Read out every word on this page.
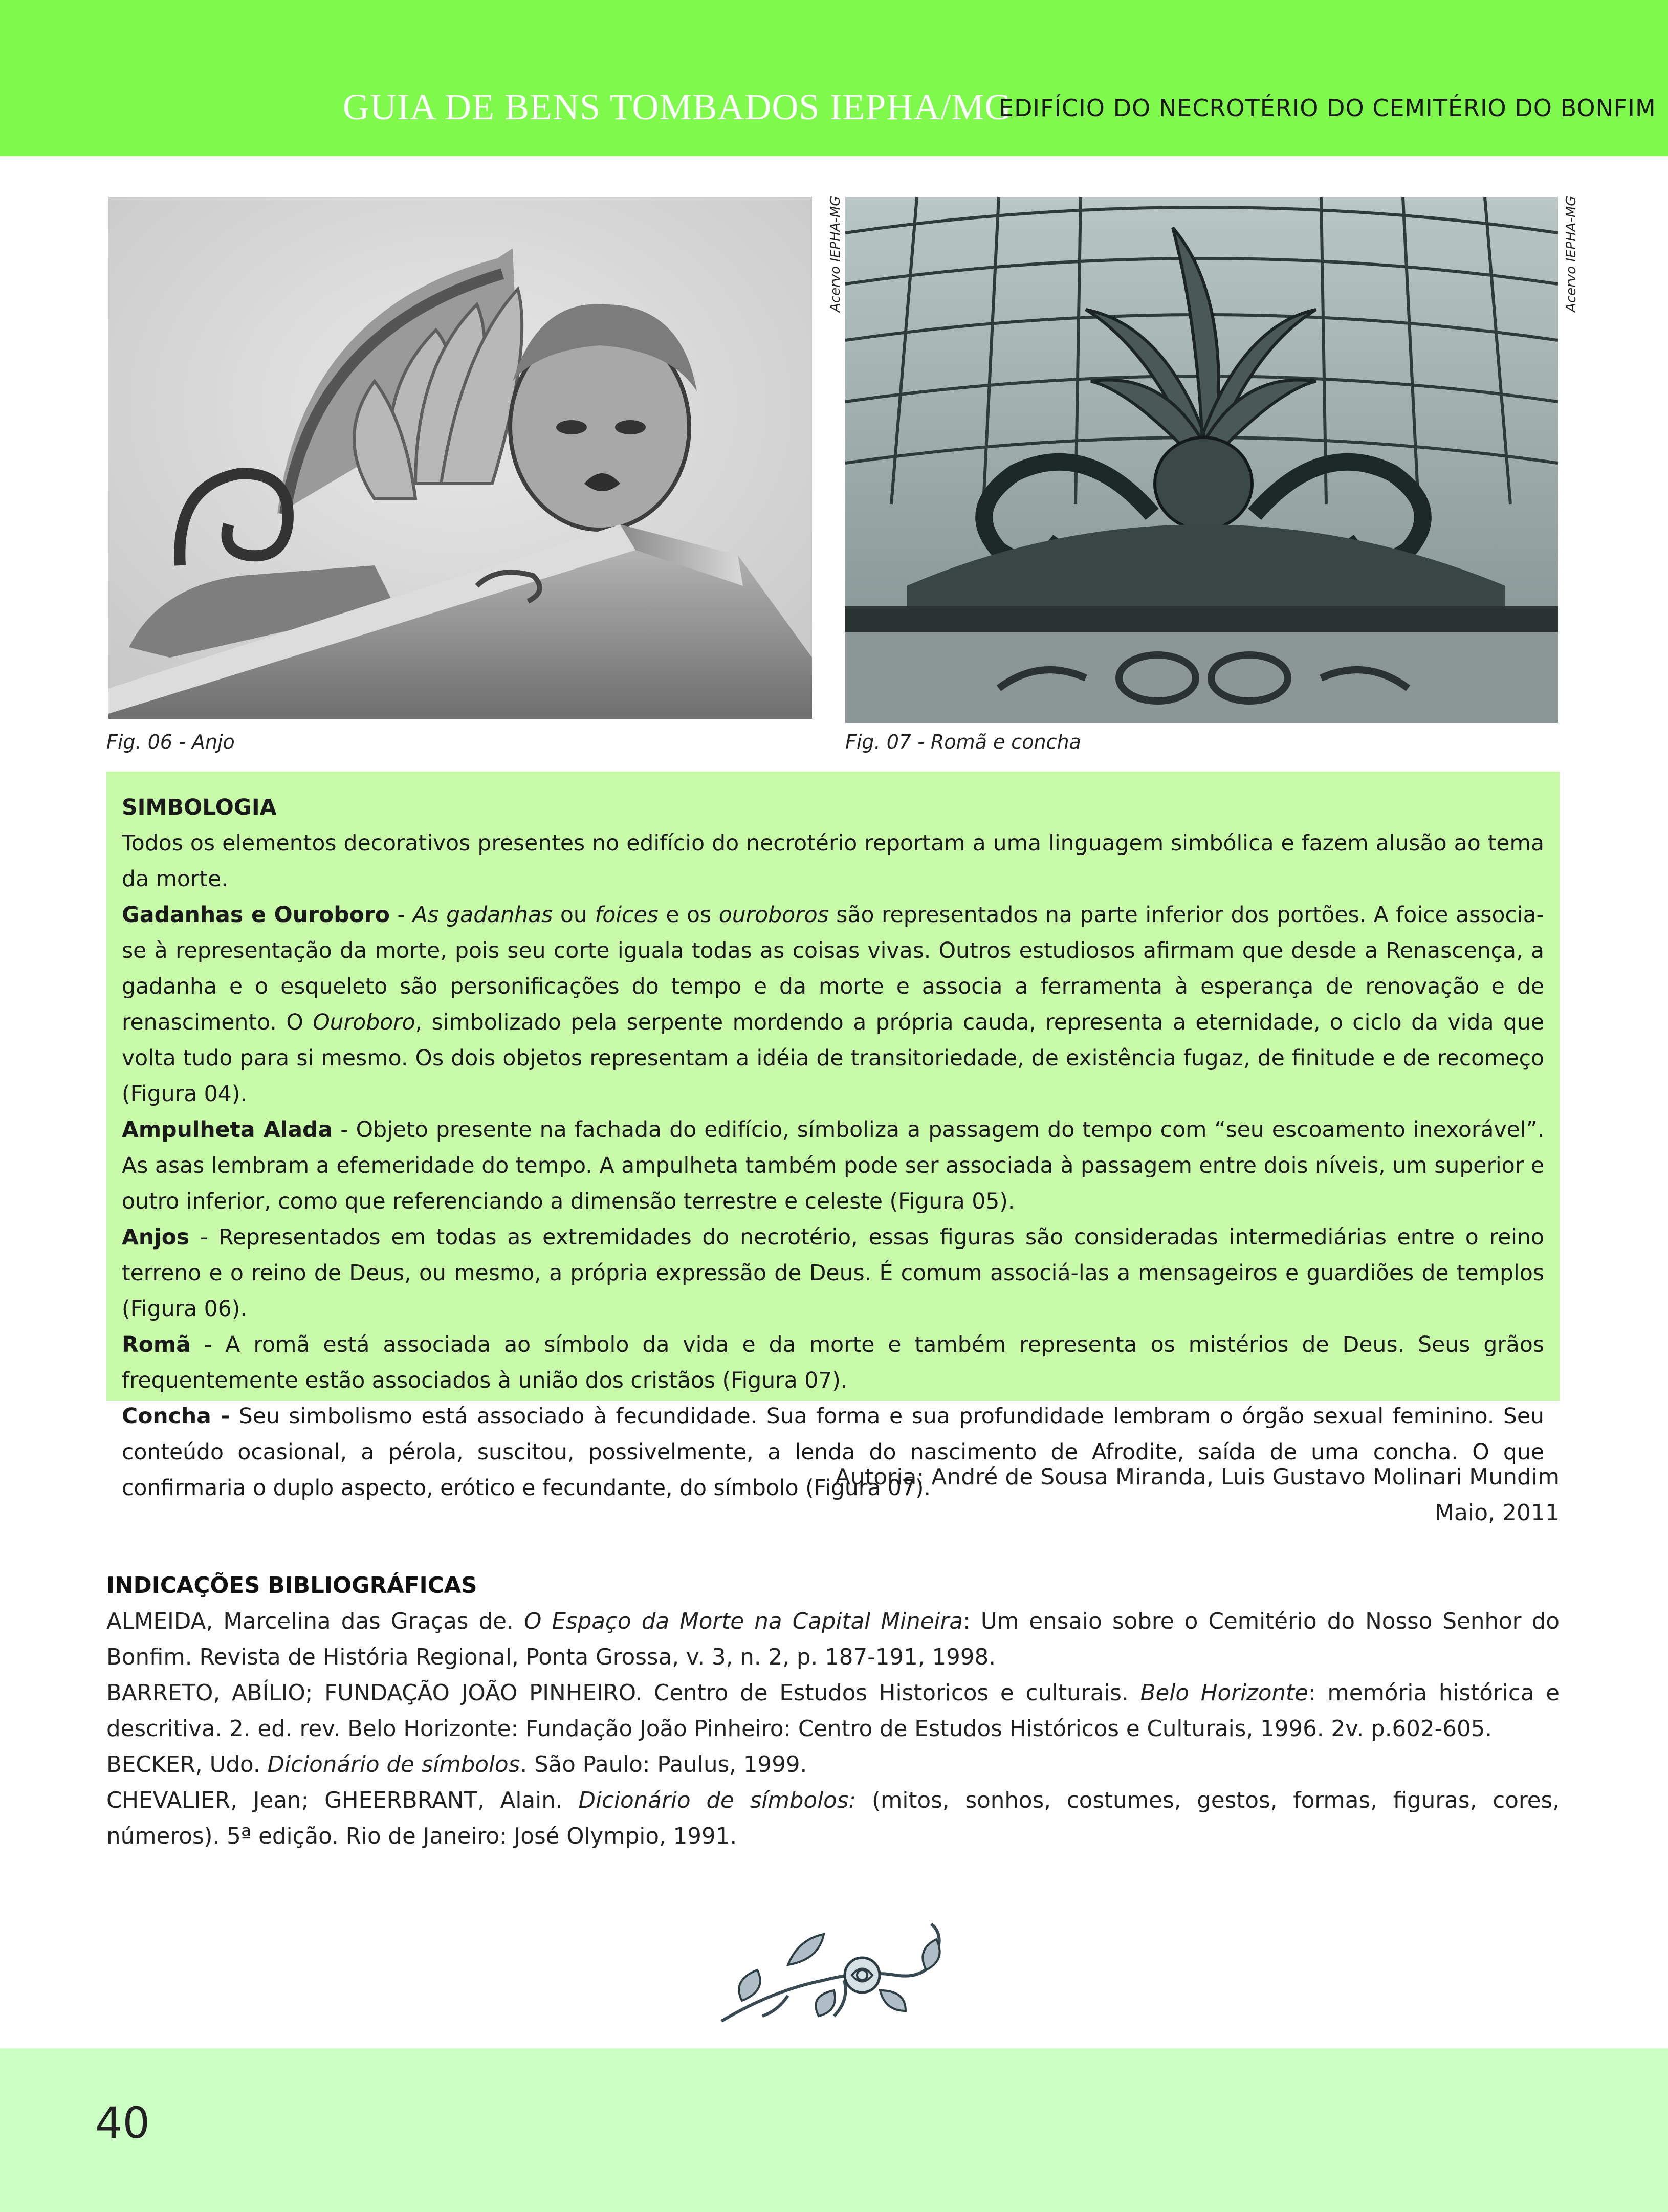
GUIA DE BENS TOMBADOS IEPHA/MG
EDIFÍCIO DO NECROTÉRIO DO CEMITÉRIO DO BONFIM
Acervo IEPHA-MG
Fig. 06 - Anjo
Acervo IEPHA-MG
Fig. 07 - Romã e concha

SIMBOLOGIA

Todos os elementos decorativos presentes no edifício do necrotério reportam a uma linguagem simbólica e fazem alusão ao tema da morte.

Gadanhas e Ouroboro - As gadanhas ou foices e os ouroboros são representados na parte inferior dos portões. A foice associa-se à representação da morte, pois seu corte iguala todas as coisas vivas. Outros estudiosos afirmam que desde a Renascença, a gadanha e o esqueleto são personificações do tempo e da morte e associa a ferramenta à esperança de renovação e de renascimento. O Ouroboro, simbolizado pela serpente mordendo a própria cauda, representa a eternidade, o ciclo da vida que volta tudo para si mesmo. Os dois objetos representam a idéia de transitoriedade, de existência fugaz, de finitude e de recomeço (Figura 04).

Ampulheta Alada - Objeto presente na fachada do edifício, símboliza a passagem do tempo com “seu escoamento inexorável”. As asas lembram a efemeridade do tempo. A ampulheta também pode ser associada à passagem entre dois níveis, um superior e outro inferior, como que referenciando a dimensão terrestre e celeste (Figura 05).

Anjos - Representados em todas as extremidades do necrotério, essas figuras são consideradas intermediárias entre o reino terreno e o reino de Deus, ou mesmo, a própria expressão de Deus. É comum associá-las a mensageiros e guardiões de templos (Figura 06).

Romã - A romã está associada ao símbolo da vida e da morte e também representa os mistérios de Deus. Seus grãos frequentemente estão associados à união dos cristãos (Figura 07).

Concha - Seu simbolismo está associado à fecundidade. Sua forma e sua profundidade lembram o órgão sexual feminino. Seu conteúdo ocasional, a pérola, suscitou, possivelmente, a lenda do nascimento de Afrodite, saída de uma concha. O que confirmaria o duplo aspecto, erótico e fecundante, do símbolo (Figura 07).

Autoria: André de Sousa Miranda, Luis Gustavo Molinari Mundim
Maio, 2011

INDICAÇÕES BIBLIOGRÁFICAS

ALMEIDA, Marcelina das Graças de. O Espaço da Morte na Capital Mineira: Um ensaio sobre o Cemitério do Nosso Senhor do Bonfim. Revista de História Regional, Ponta Grossa, v. 3, n. 2, p. 187-191, 1998.

BARRETO, ABÍLIO; FUNDAÇÃO JOÃO PINHEIRO. Centro de Estudos Historicos e culturais. Belo Horizonte: memória histórica e descritiva. 2. ed. rev. Belo Horizonte: Fundação João Pinheiro: Centro de Estudos Históricos e Culturais, 1996. 2v. p.602-605.

BECKER, Udo. Dicionário de símbolos. São Paulo: Paulus, 1999.

CHEVALIER, Jean; GHEERBRANT, Alain. Dicionário de símbolos: (mitos, sonhos, costumes, gestos, formas, figuras, cores, números). 5ª edição. Rio de Janeiro: José Olympio, 1991.

40
